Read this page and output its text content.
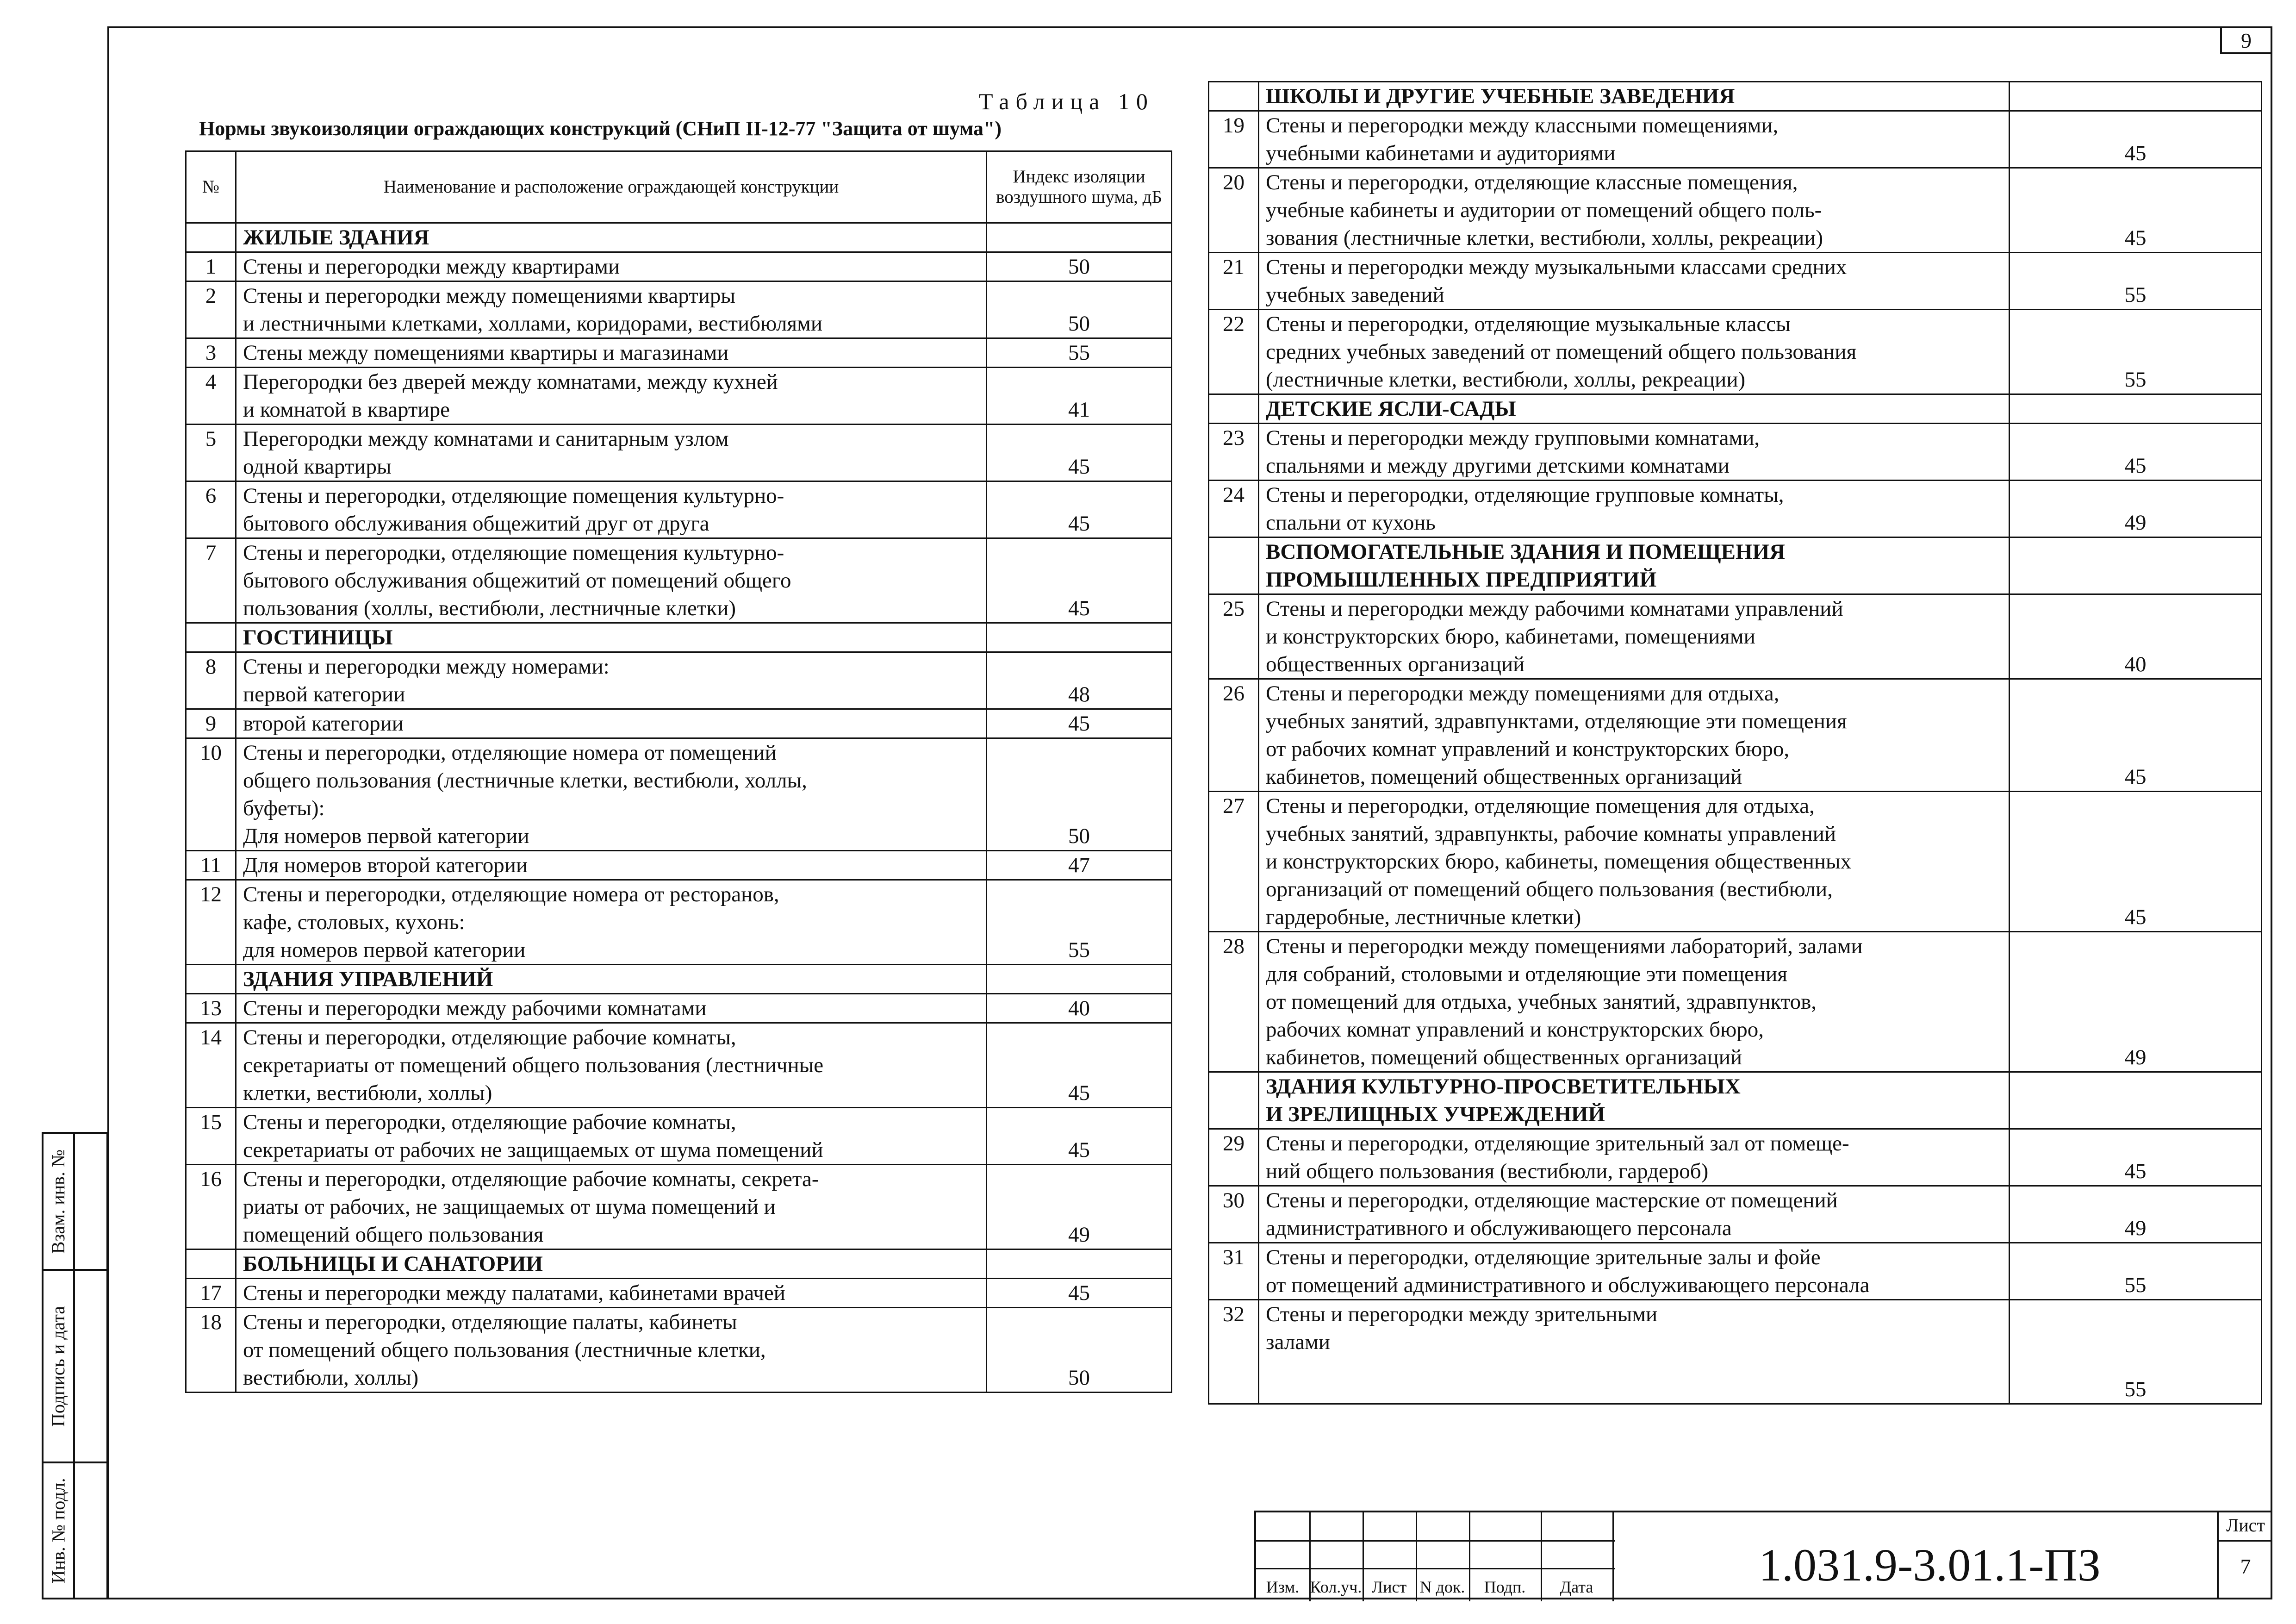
9
Взам. инв. №
Подпись и дата
Инв. № подл.
Таблица 10
Нормы звукоизоляции ограждающих конструкций (СНиП II-12-77 "Защита от шума")
№	Наименование и расположение ограждающей конструкции	Индекс изоляции воздушного шума, дБ
	ЖИЛЫЕ ЗДАНИЯ	
1	Стены и перегородки между квартирами	50
2	Стены и перегородки между помещениями квартиры
и лестничными клетками, холлами, коридорами, вестибюлями	50
3	Стены между помещениями квартиры и магазинами	55
4	Перегородки без дверей между комнатами, между кухней
и комнатой в квартире	41
5	Перегородки между комнатами и санитарным узлом
одной квартиры	45
6	Стены и перегородки, отделяющие помещения культурно-
бытового обслуживания общежитий друг от друга	45
7	Стены и перегородки, отделяющие помещения культурно-
бытового обслуживания общежитий от помещений общего
пользования (холлы, вестибюли, лестничные клетки)	45
	ГОСТИНИЦЫ	
8	Стены и перегородки между номерами:
первой категории	48
9	второй категории	45
10	Стены и перегородки, отделяющие номера от помещений
общего пользования (лестничные клетки, вестибюли, холлы,
буфеты):
Для номеров первой категории	50
11	Для номеров второй категории	47
12	Стены и перегородки, отделяющие номера от ресторанов,
кафе, столовых, кухонь:
для номеров первой категории	55
	ЗДАНИЯ УПРАВЛЕНИЙ	
13	Стены и перегородки между рабочими комнатами	40
14	Стены и перегородки, отделяющие рабочие комнаты,
секретариаты от помещений общего пользования (лестничные
клетки, вестибюли, холлы)	45
15	Стены и перегородки, отделяющие рабочие комнаты,
секретариаты от рабочих не защищаемых от шума помещений	45
16	Стены и перегородки, отделяющие рабочие комнаты, секрета-
риаты от рабочих, не защищаемых от шума помещений и
помещений общего пользования	49
	БОЛЬНИЦЫ И САНАТОРИИ	
17	Стены и перегородки между палатами, кабинетами врачей	45
18	Стены и перегородки, отделяющие палаты, кабинеты
от помещений общего пользования (лестничные клетки,
вестибюли, холлы)	50
	ШКОЛЫ И ДРУГИЕ УЧЕБНЫЕ ЗАВЕДЕНИЯ	
19	Стены и перегородки между классными помещениями,
учебными кабинетами и аудиториями	45
20	Стены и перегородки, отделяющие классные помещения,
учебные кабинеты и аудитории от помещений общего поль-
зования (лестничные клетки, вестибюли, холлы, рекреации)	45
21	Стены и перегородки между музыкальными классами средних
учебных заведений	55
22	Стены и перегородки, отделяющие музыкальные классы
средних учебных заведений от помещений общего пользования
(лестничные клетки, вестибюли, холлы, рекреации)	55
	ДЕТСКИЕ ЯСЛИ-САДЫ	
23	Стены и перегородки между групповыми комнатами,
спальнями и между другими детскими комнатами	45
24	Стены и перегородки, отделяющие групповые комнаты,
спальни от кухонь	49
	ВСПОМОГАТЕЛЬНЫЕ ЗДАНИЯ И ПОМЕЩЕНИЯ
ПРОМЫШЛЕННЫХ ПРЕДПРИЯТИЙ	
25	Стены и перегородки между рабочими комнатами управлений
и конструкторских бюро, кабинетами, помещениями
общественных организаций	40
26	Стены и перегородки между помещениями для отдыха,
учебных занятий, здравпунктами, отделяющие эти помещения
от рабочих комнат управлений и конструкторских бюро,
кабинетов, помещений общественных организаций	45
27	Стены и перегородки, отделяющие помещения для отдыха,
учебных занятий, здравпункты, рабочие комнаты управлений
и конструкторских бюро, кабинеты, помещения общественных
организаций от помещений общего пользования (вестибюли,
гардеробные, лестничные клетки)	45
28	Стены и перегородки между помещениями лабораторий, залами
для собраний, столовыми и отделяющие эти помещения
от помещений для отдыха, учебных занятий, здравпунктов,
рабочих комнат управлений и конструкторских бюро,
кабинетов, помещений общественных организаций	49
	ЗДАНИЯ КУЛЬТУРНО-ПРОСВЕТИТЕЛЬНЫХ
И ЗРЕЛИЩНЫХ УЧРЕЖДЕНИЙ	
29	Стены и перегородки, отделяющие зрительный зал от помеще-
ний общего пользования (вестибюли, гардероб)	45
30	Стены и перегородки, отделяющие мастерские от помещений
административного и обслуживающего персонала	49
31	Стены и перегородки, отделяющие зрительные залы и фойе
от помещений административного и обслуживающего персонала	55
32	Стены и перегородки между зрительными
залами	55
Изм. Кол.уч. Лист N док.	Подп.	Дата	1.031.9-3.01.1-ПЗ
Лист
7
